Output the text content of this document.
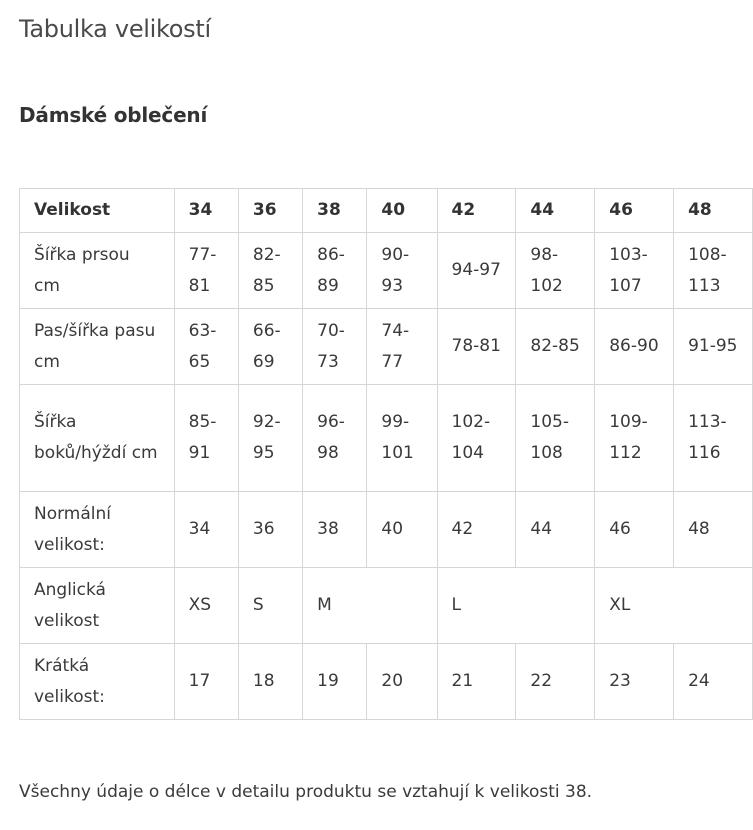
Tabulka velikostí
Dámské oblečení
Velikost	34	36	38	40	42	44	46	48
Šířka prsou cm	77-81	82-85	86-89	90-93	94-97	98-102	103-107	108-113
Pas/šířka pasu cm	63-65	66-69	70-73	74-77	78-81	82-85	86-90	91-95
Šířka boků/hýždí cm	85-91	92-95	96-98	99-101	102-104	105-108	109-112	113-116
Normální velikost:	34	36	38	40	42	44	46	48
Anglická velikost	XS	S	M		L		XL	
Krátká velikost:	17	18	19	20	21	22	23	24

Všechny údaje o délce v detailu produktu se vztahují k velikosti 38.
